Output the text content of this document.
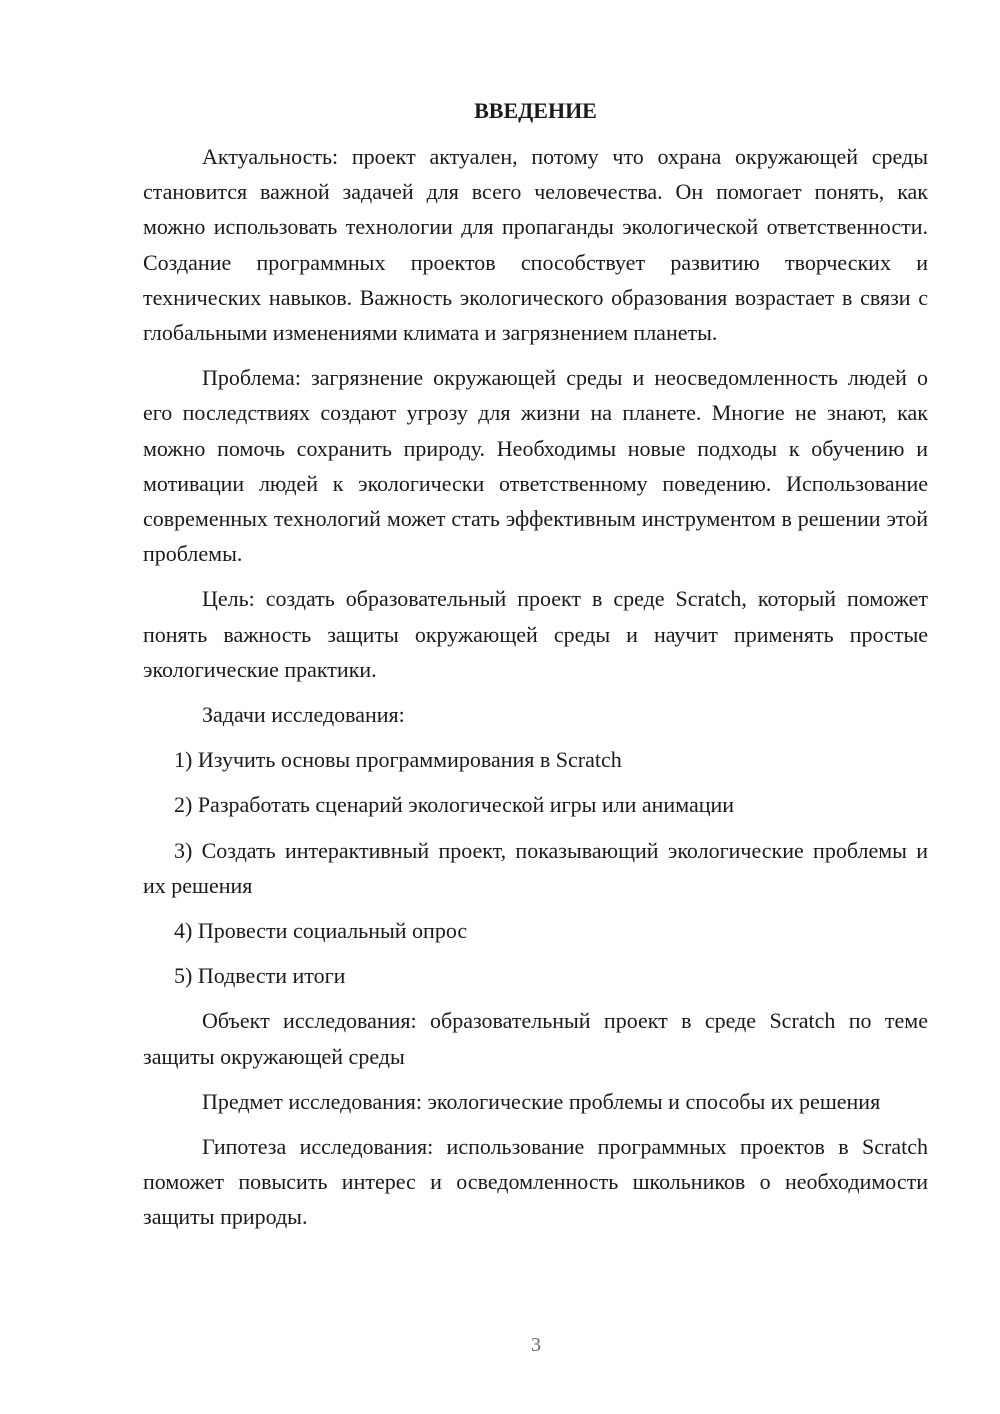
ВВЕДЕНИЕ

Актуальность: проект актуален, потому что охрана окружающей среды становится важной задачей для всего человечества. Он помогает понять, как можно использовать технологии для пропаганды экологической ответственности. Создание программных проектов способствует развитию творческих и технических навыков. Важность экологического образования возрастает в связи с глобальными изменениями климата и загрязнением планеты.

Проблема: загрязнение окружающей среды и неосведомленность людей о его последствиях создают угрозу для жизни на планете. Многие не знают, как можно помочь сохранить природу. Необходимы новые подходы к обучению и мотивации людей к экологически ответственному поведению. Использование современных технологий может стать эффективным инструментом в решении этой проблемы.

Цель: создать образовательный проект в среде Scratch, который поможет понять важность защиты окружающей среды и научит применять простые экологические практики.

Задачи исследования:

1) Изучить основы программирования в Scratch

2) Разработать сценарий экологической игры или анимации

3) Создать интерактивный проект, показывающий экологические проблемы и их решения

4) Провести социальный опрос

5) Подвести итоги

Объект исследования: образовательный проект в среде Scratch по теме защиты окружающей среды

Предмет исследования: экологические проблемы и способы их решения

Гипотеза исследования: использование программных проектов в Scratch поможет повысить интерес и осведомленность школьников о необходимости защиты природы.

3
